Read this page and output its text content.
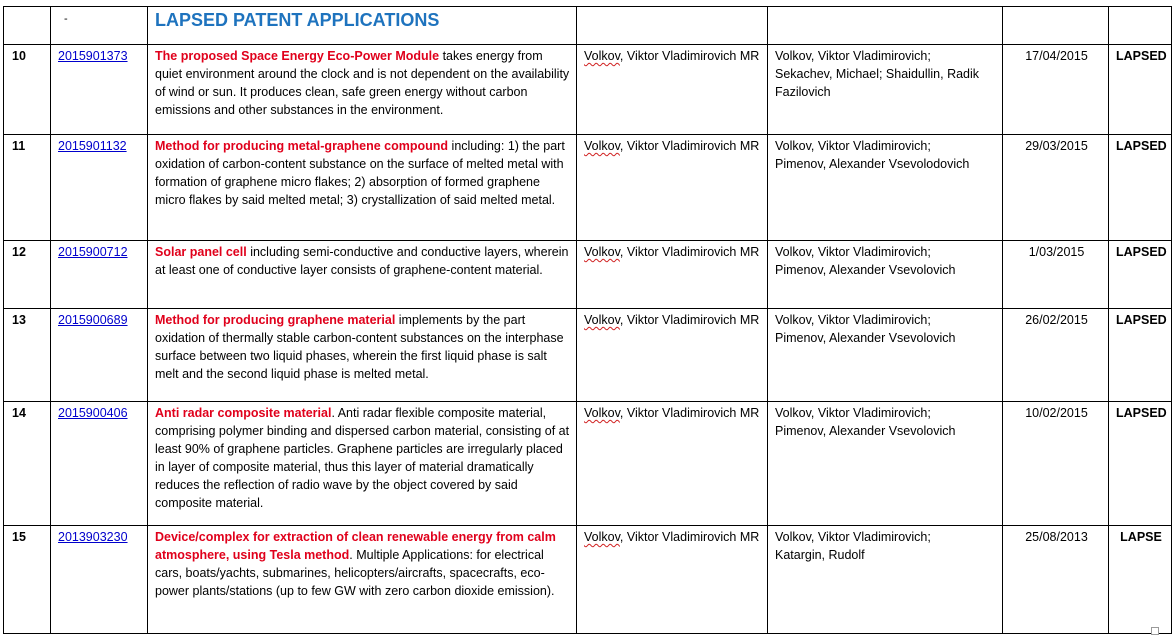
	-	LAPSED PATENT APPLICATIONS				
10	2015901373	The proposed Space Energy Eco-Power Module takes energy from quiet environment around the clock and is not dependent on the availability of wind or sun. It produces clean, safe green energy without carbon emissions and other substances in the environment.	Volkov, Viktor Vladimirovich MR	Volkov, Viktor Vladimirovich;
Sekachev, Michael; Shaidullin, Radik Fazilovich	17/04/2015	LAPSED
11	2015901132	Method for producing metal-graphene compound including: 1) the part oxidation of carbon-content substance on the surface of melted metal with formation of graphene micro flakes; 2) absorption of formed graphene micro flakes by said melted metal; 3) crystallization of said melted metal.	Volkov, Viktor Vladimirovich MR	Volkov, Viktor Vladimirovich;
Pimenov, Alexander Vsevolodovich	29/03/2015	LAPSED
12	2015900712	Solar panel cell including semi-conductive and conductive layers, wherein at least one of conductive layer consists of graphene-content material.	Volkov, Viktor Vladimirovich MR	Volkov, Viktor Vladimirovich;
Pimenov, Alexander Vsevolovich	1/03/2015	LAPSED
13	2015900689	Method for producing graphene material implements by the part oxidation of thermally stable carbon-content substances on the interphase surface between two liquid phases, wherein the first liquid phase is salt melt and the second liquid phase is melted metal.	Volkov, Viktor Vladimirovich MR	Volkov, Viktor Vladimirovich;
Pimenov, Alexander Vsevolovich	26/02/2015	LAPSED
14	2015900406	Anti radar composite material. Anti radar flexible composite material, comprising polymer binding and dispersed carbon material, consisting of at least 90% of graphene particles. Graphene particles are irregularly placed in layer of composite material, thus this layer of material dramatically reduces the reflection of radio wave by the object covered by said composite material.	Volkov, Viktor Vladimirovich MR	Volkov, Viktor Vladimirovich;
Pimenov, Alexander Vsevolovich	10/02/2015	LAPSED
15	2013903230	Device/complex for extraction of clean renewable energy from calm atmosphere, using Tesla method. Multiple Applications: for electrical cars, boats/yachts, submarines, helicopters/aircrafts, spacecrafts, eco-power plants/stations (up to few GW with zero carbon dioxide emission).	Volkov, Viktor Vladimirovich MR	Volkov, Viktor Vladimirovich;
Katargin, Rudolf	25/08/2013	LAPSE
